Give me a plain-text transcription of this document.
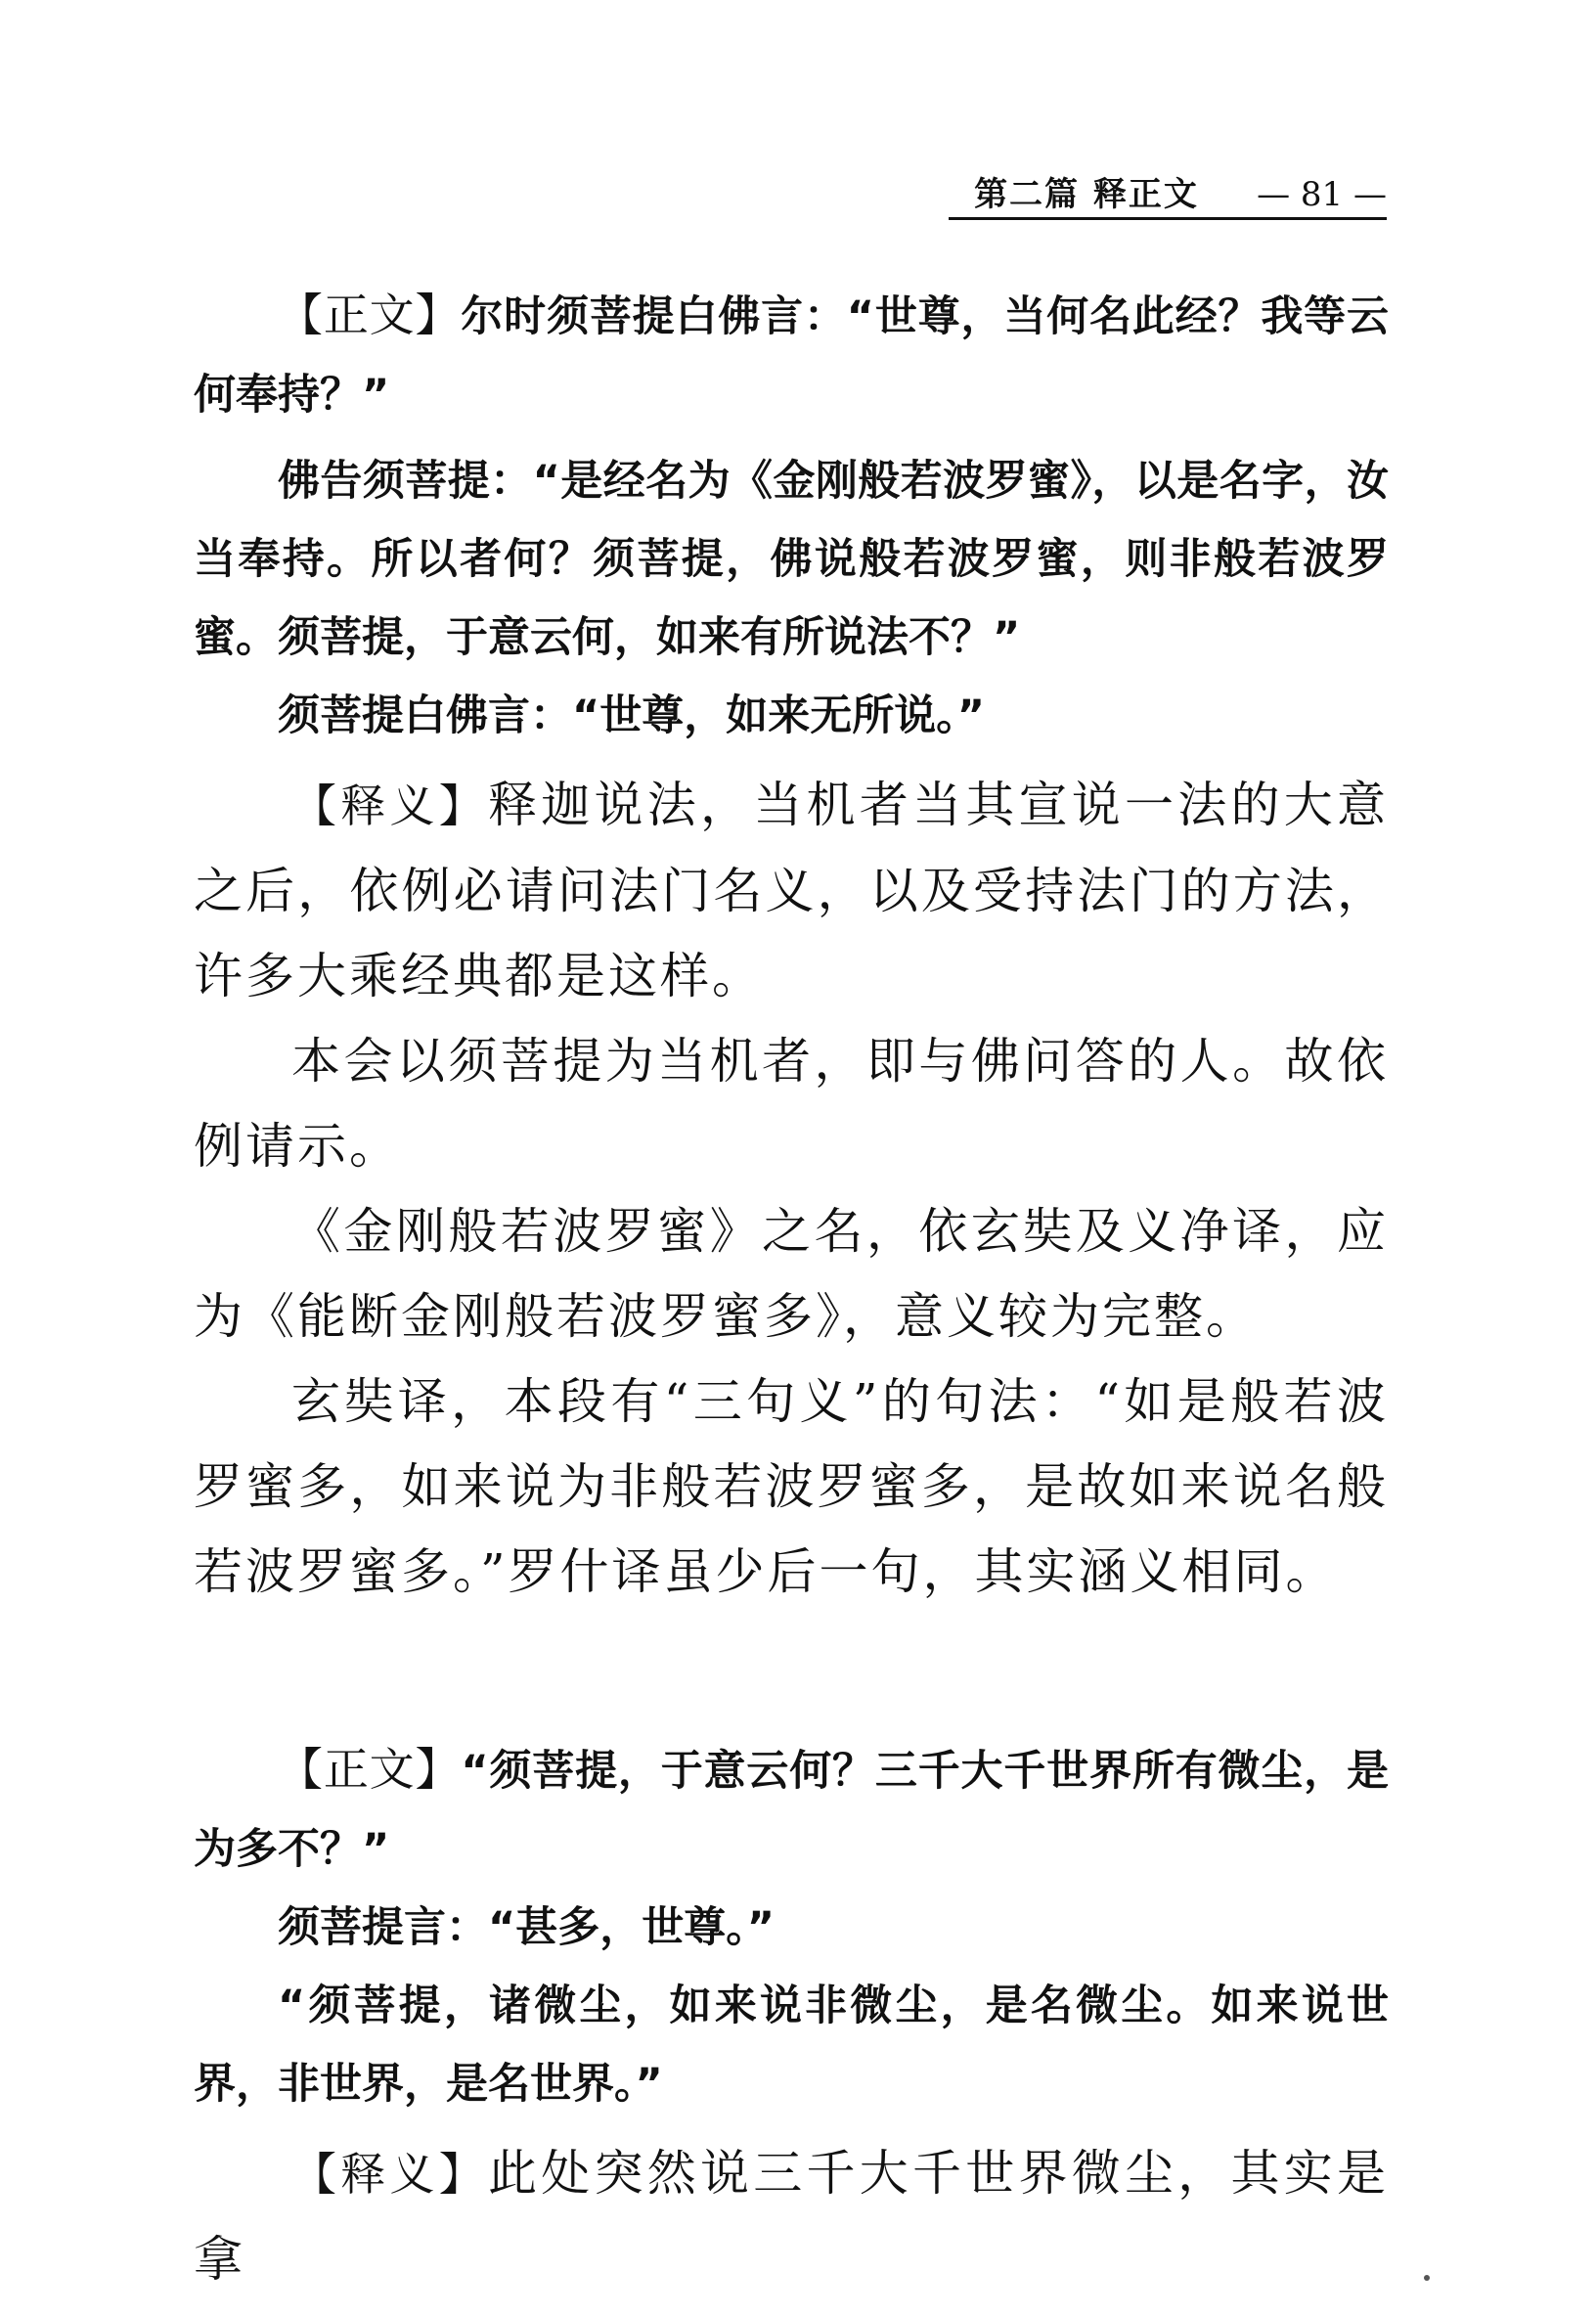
第二篇 释正文 — 81 —

【正文】尔时须菩提白佛言：“世尊，当何名此经？我等云何奉持？”

佛告须菩提：“是经名为《金刚般若波罗蜜》，以是名字，汝当奉持。所以者何？须菩提，佛说般若波罗蜜，则非般若波罗蜜。须菩提，于意云何，如来有所说法不？”

须菩提白佛言：“世尊，如来无所说。”

【释义】释迦说法，当机者当其宣说一法的大意之后，依例必请问法门名义，以及受持法门的方法，许多大乘经典都是这样。

本会以须菩提为当机者，即与佛问答的人。故依例请示。

《金刚般若波罗蜜》之名，依玄奘及义净译，应为《能断金刚般若波罗蜜多》，意义较为完整。

玄奘译，本段有“三句义”的句法：“如是般若波罗蜜多，如来说为非般若波罗蜜多，是故如来说名般若波罗蜜多。”罗什译虽少后一句，其实涵义相同。

【正文】“须菩提，于意云何？三千大千世界所有微尘，是为多不？”

须菩提言：“甚多，世尊。”

“须菩提，诸微尘，如来说非微尘，是名微尘。如来说世界，非世界，是名世界。”

【释义】此处突然说三千大千世界微尘，其实是拿
